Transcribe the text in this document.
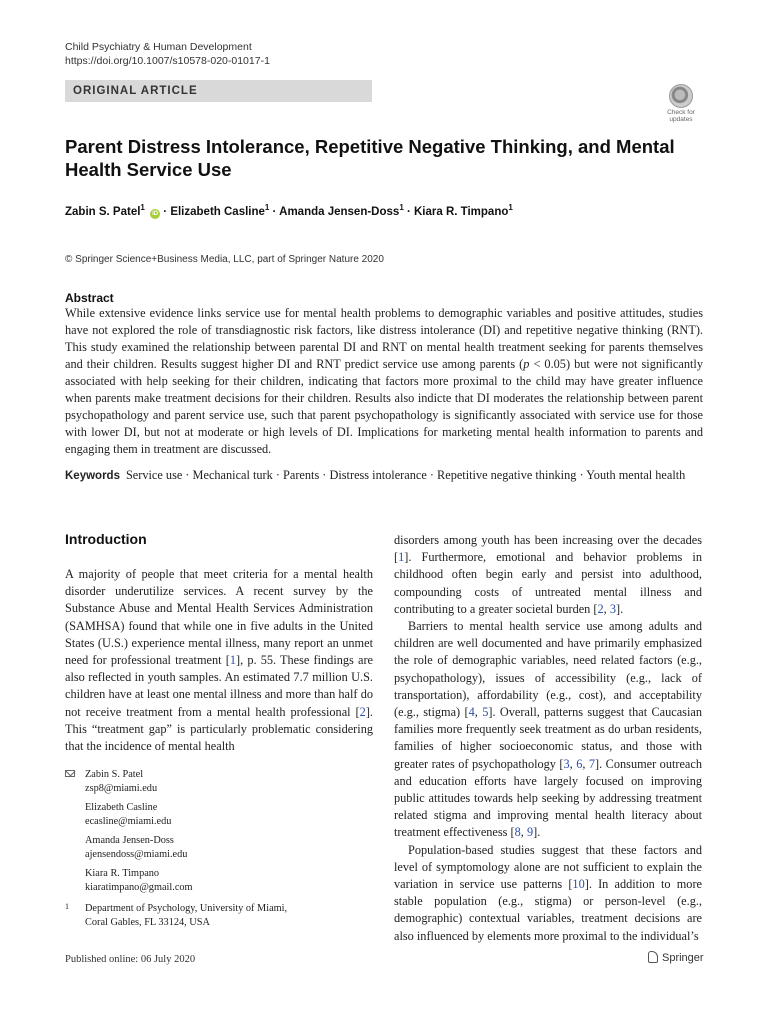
Child Psychiatry & Human Development
https://doi.org/10.1007/s10578-020-01017-1
ORIGINAL ARTICLE
Check for updates
Parent Distress Intolerance, Repetitive Negative Thinking, and Mental Health Service Use
Zabin S. Patel$^1$ iD · Elizabeth Casline$^1$ · Amanda Jensen-Doss$^1$ · Kiara R. Timpano$^1$
© Springer Science+Business Media, LLC, part of Springer Nature 2020
Abstract
While extensive evidence links service use for mental health problems to demographic variables and positive attitudes, studies have not explored the role of transdiagnostic risk factors, like distress intolerance (DI) and repetitive negative thinking (RNT). This study examined the relationship between parental DI and RNT on mental health treatment seeking for parents themselves and their children. Results suggest higher DI and RNT predict service use among parents (p < 0.05) but were not significantly associated with help seeking for their children, indicating that factors more proximal to the child may have greater influence when parents make treatment decisions for their children. Results also indicte that DI moderates the relationship between parent psychopathology and parent service use, such that parent psychopathology is significantly associated with service use for those with lower DI, but not at moderate or high levels of DI. Implications for marketing mental health information to parents and engaging them in treatment are discussed.
Keywords Service use · Mechanical turk · Parents · Distress intolerance · Repetitive negative thinking · Youth mental health
Introduction

A majority of people that meet criteria for a mental health disorder underutilize services. A recent survey by the Substance Abuse and Mental Health Services Administration (SAMHSA) found that while one in five adults in the United States (U.S.) experience mental illness, many report an unmet need for professional treatment [1], p. 55. These findings are also reflected in youth samples. An estimated 7.7 million U.S. children have at least one mental illness and more than half do not receive treatment from a mental health professional [2]. This “treatment gap” is particularly problematic considering that the incidence of mental health

disorders among youth has been increasing over the decades [1]. Furthermore, emotional and behavior problems in childhood often begin early and persist into adulthood, compounding costs of untreated mental illness and contributing to a greater societal burden [2, 3].

Barriers to mental health service use among adults and children are well documented and have primarily emphasized the role of demographic variables, need related factors (e.g., psychopathology), issues of accessibility (e.g., lack of transportation), affordability (e.g., cost), and acceptability (e.g., stigma) [4, 5]. Overall, patterns suggest that Caucasian families more frequently seek treatment as do urban residents, families of higher socioeconomic status, and those with greater rates of psychopathology [3, 6, 7]. Consumer outreach and education efforts have largely focused on improving public attitudes towards help seeking by addressing treatment related stigma and improving mental health literacy about treatment effectiveness [8, 9].

Population-based studies suggest that these factors and level of symptomology alone are not sufficient to explain the variation in service use patterns [10]. In addition to more stable population (e.g., stigma) or person-level (e.g., demographic) contextual variables, treatment decisions are also influenced by elements more proximal to the individual’s

Zabin S. Patel
zsp8@miami.edu
Elizabeth Casline
ecasline@miami.edu
Amanda Jensen-Doss
ajensendoss@miami.edu
Kiara R. Timpano
kiaratimpano@gmail.com
1 Department of Psychology, University of Miami,
Coral Gables, FL 33124, USA
Published online: 06 July 2020	Springer
